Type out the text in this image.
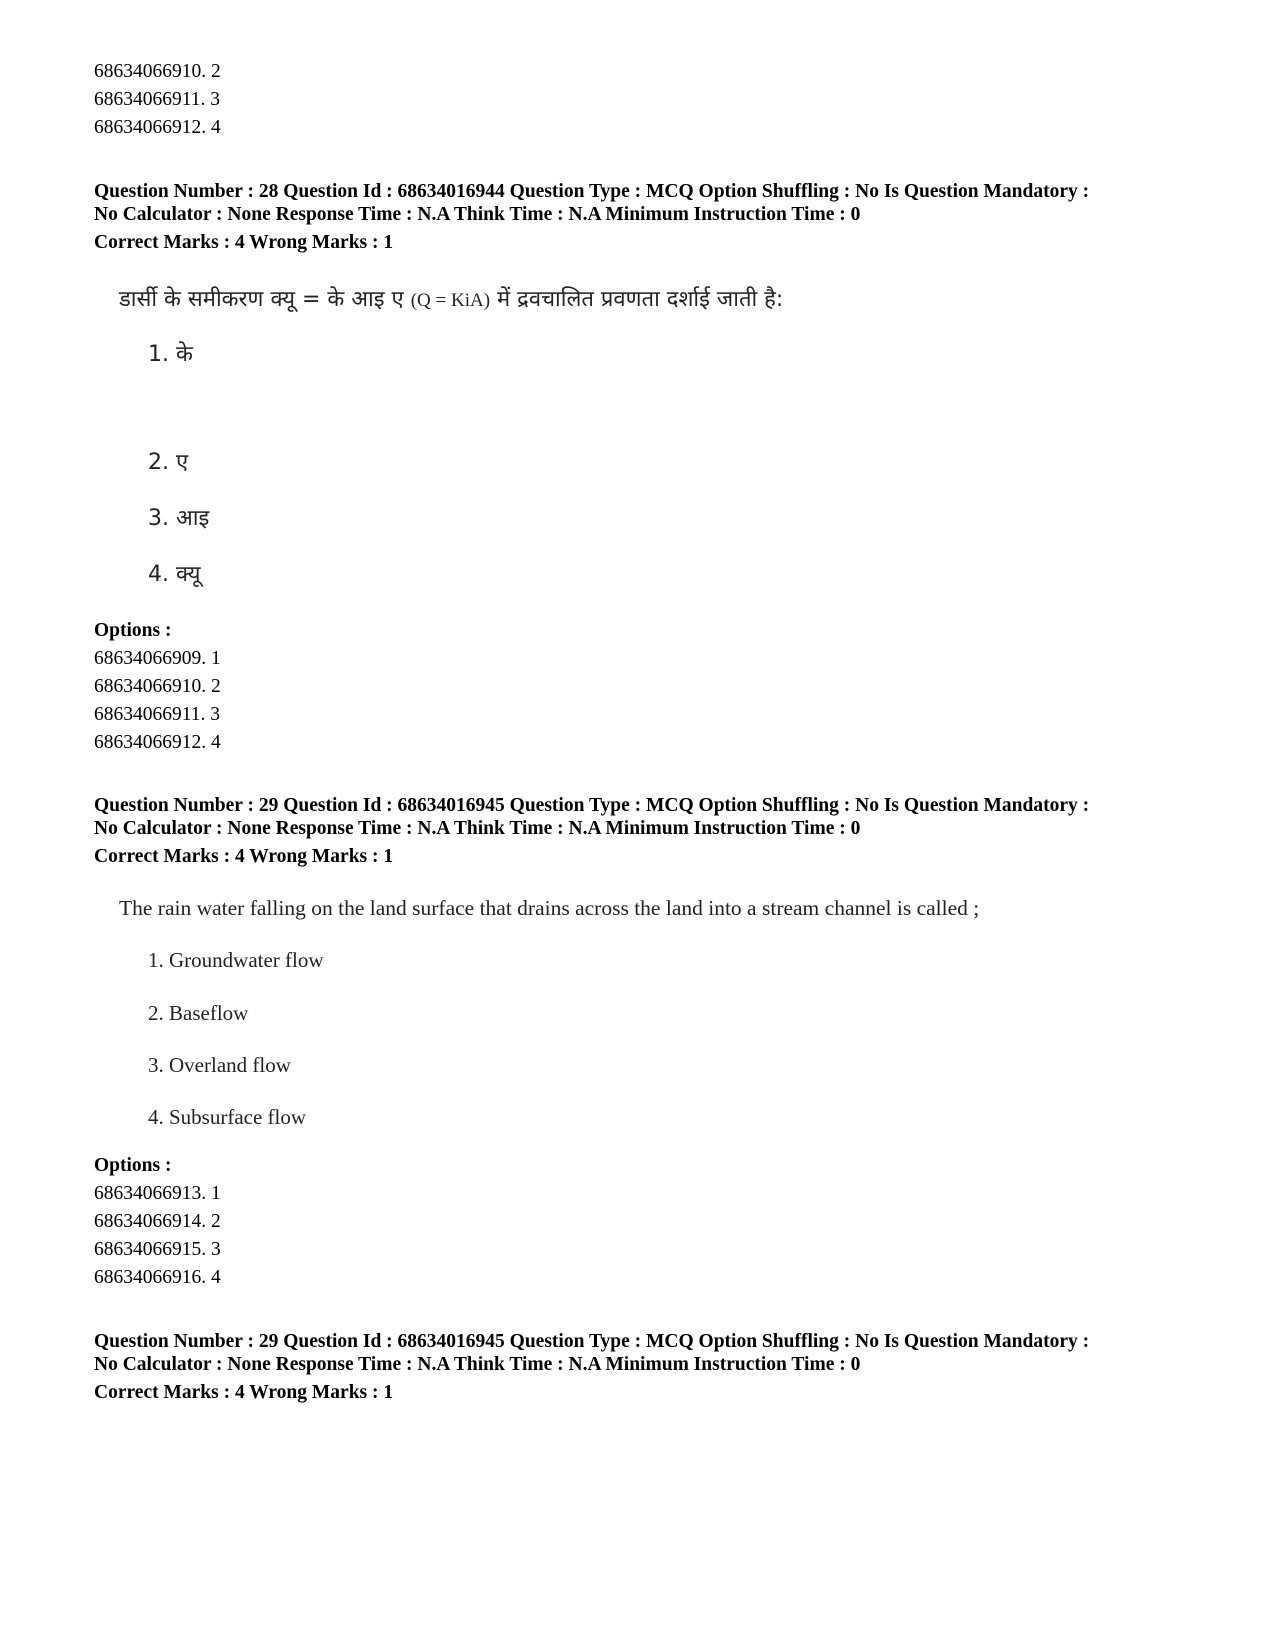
68634066910. 2
68634066911. 3
68634066912. 4
Question Number : 28 Question Id : 68634016944 Question Type : MCQ Option Shuffling : No Is Question Mandatory :
No Calculator : None Response Time : N.A Think Time : N.A Minimum Instruction Time : 0
Correct Marks : 4 Wrong Marks : 1
डार्सी के समीकरण क्यू = के आइ ए (Q = KiA) में द्रवचालित प्रवणता दर्शाई जाती है:
1. के
2. ए
3. आइ
4. क्यू
Options :
68634066909. 1
68634066910. 2
68634066911. 3
68634066912. 4
Question Number : 29 Question Id : 68634016945 Question Type : MCQ Option Shuffling : No Is Question Mandatory :
No Calculator : None Response Time : N.A Think Time : N.A Minimum Instruction Time : 0
Correct Marks : 4 Wrong Marks : 1
The rain water falling on the land surface that drains across the land into a stream channel is called ;
1. Groundwater flow
2. Baseflow
3. Overland flow
4. Subsurface flow
Options :
68634066913. 1
68634066914. 2
68634066915. 3
68634066916. 4
Question Number : 29 Question Id : 68634016945 Question Type : MCQ Option Shuffling : No Is Question Mandatory :
No Calculator : None Response Time : N.A Think Time : N.A Minimum Instruction Time : 0
Correct Marks : 4 Wrong Marks : 1
